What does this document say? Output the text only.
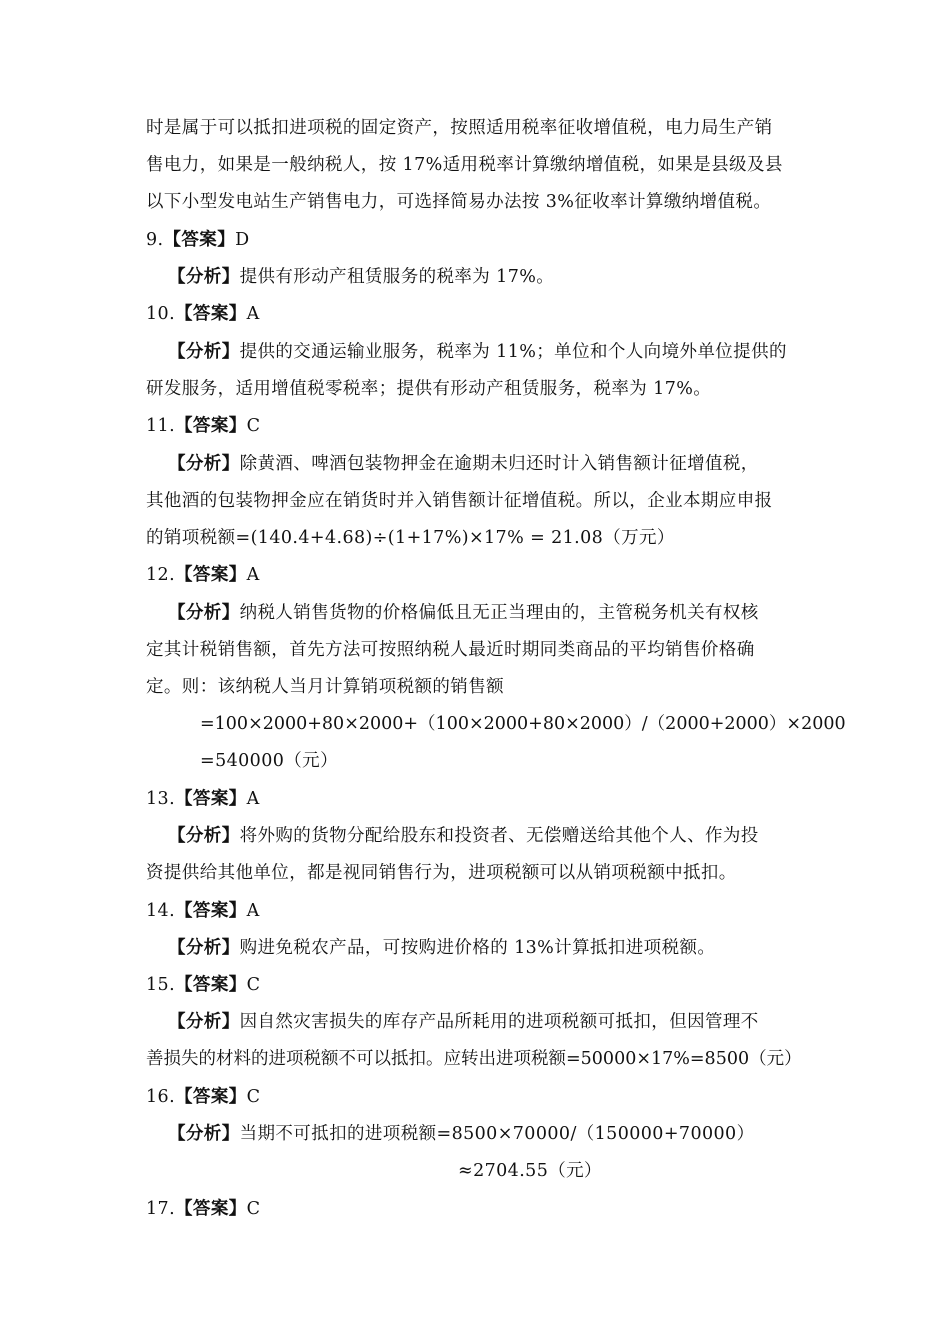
时是属于可以抵扣进项税的固定资产，按照适用税率征收增值税，电力局生产销
售电力，如果是一般纳税人，按 17%适用税率计算缴纳增值税，如果是县级及县
以下小型发电站生产销售电力，可选择简易办法按 3%征收率计算缴纳增值税。
9.【答案】D
【分析】提供有形动产租赁服务的税率为 17%。
10.【答案】A
【分析】提供的交通运输业服务，税率为 11%；单位和个人向境外单位提供的
研发服务，适用增值税零税率；提供有形动产租赁服务，税率为 17%。
11.【答案】C
【分析】除黄酒、啤酒包装物押金在逾期未归还时计入销售额计征增值税，
其他酒的包装物押金应在销货时并入销售额计征增值税。所以，企业本期应申报
的销项税额=(140.4+4.68)÷(1+17%)×17% = 21.08（万元）
12.【答案】A
【分析】纳税人销售货物的价格偏低且无正当理由的，主管税务机关有权核
定其计税销售额，首先方法可按照纳税人最近时期同类商品的平均销售价格确
定。则：该纳税人当月计算销项税额的销售额
=100×2000+80×2000+（100×2000+80×2000）/（2000+2000）×2000
=540000（元）
13.【答案】A
【分析】将外购的货物分配给股东和投资者、无偿赠送给其他个人、作为投
资提供给其他单位，都是视同销售行为，进项税额可以从销项税额中抵扣。
14.【答案】A
【分析】购进免税农产品，可按购进价格的 13%计算抵扣进项税额。
15.【答案】C
【分析】因自然灾害损失的库存产品所耗用的进项税额可抵扣，但因管理不
善损失的材料的进项税额不可以抵扣。应转出进项税额=50000×17%=8500（元）
16.【答案】C
【分析】当期不可抵扣的进项税额=8500×70000/（150000+70000）
≈2704.55（元）
17.【答案】C
